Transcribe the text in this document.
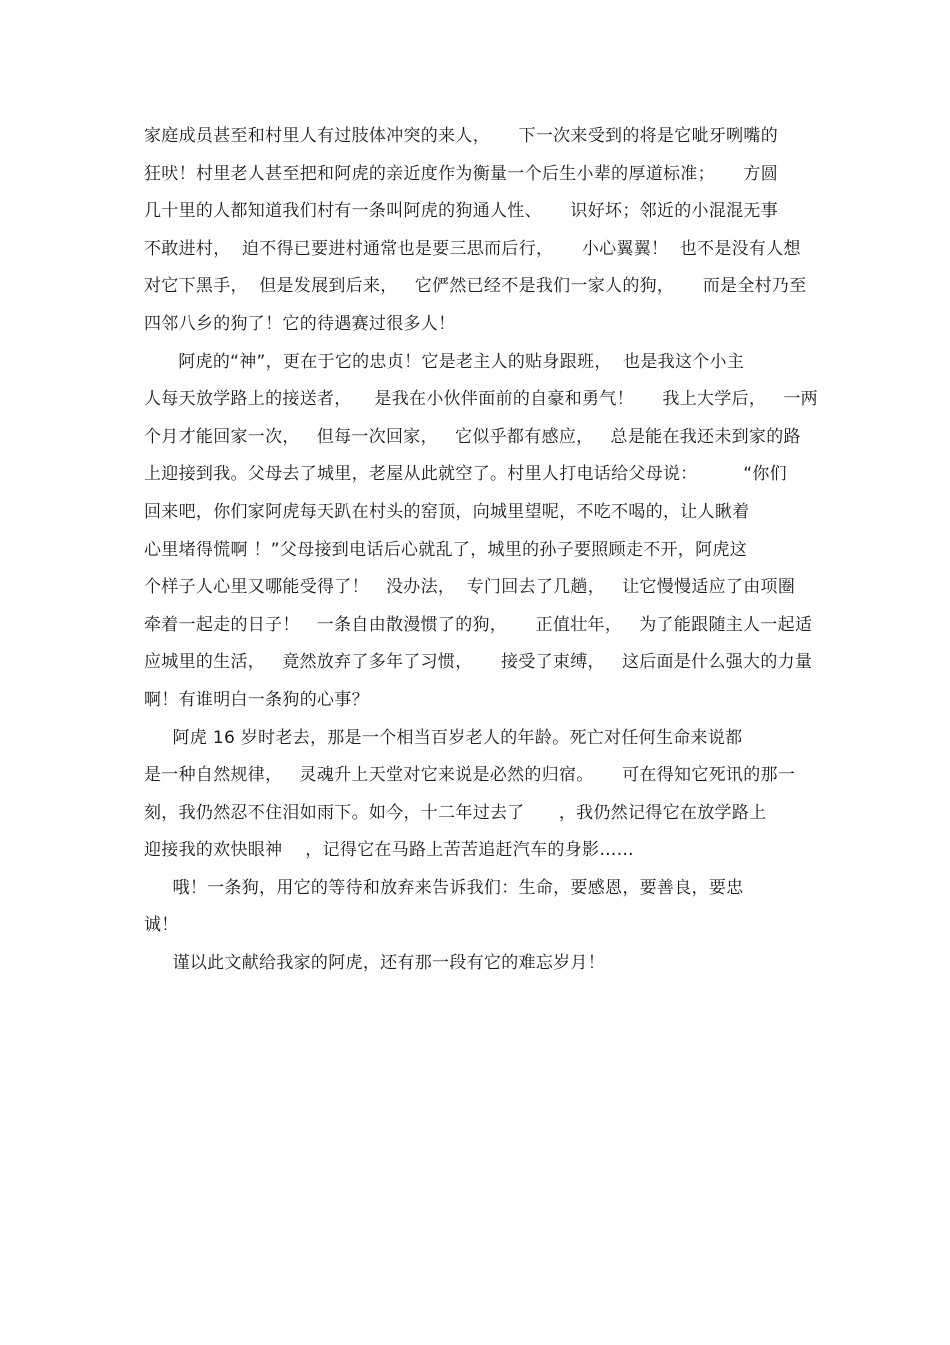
家庭成员甚至和村里人有过肢体冲突的来人，     下一次来受到的将是它呲牙咧嘴的
狂吠！村里老人甚至把和阿虎的亲近度作为衡量一个后生小辈的厚道标准；     方圆
几十里的人都知道我们村有一条叫阿虎的狗通人性、     识好坏；邻近的小混混无事
不敢进村，  迫不得已要进村通常也是要三思而后行，     小心翼翼！  也不是没有人想
对它下黑手，  但是发展到后来，   它俨然已经不是我们一家人的狗，     而是全村乃至
四邻八乡的狗了！它的待遇赛过很多人！
阿虎的“神”，更在于它的忠贞！它是老主人的贴身跟班，  也是我这个小主
人每天放学路上的接送者，    是我在小伙伴面前的自豪和勇气！     我上大学后，   一两
个月才能回家一次，   但每一次回家，   它似乎都有感应，   总是能在我还未到家的路
上迎接到我。父母去了城里，老屋从此就空了。村里人打电话给父母说：        “你们
回来吧，你们家阿虎每天趴在村头的窑顶，向城里望呢，不吃不喝的，让人瞅着
心里堵得慌啊 ！”父母接到电话后心就乱了，城里的孙子要照顾走不开，阿虎这
个样子人心里又哪能受得了！   没办法，  专门回去了几趟，   让它慢慢适应了由项圈
牵着一起走的日子！   一条自由散漫惯了的狗，     正值壮年，   为了能跟随主人一起适
应城里的生活，   竟然放弃了多年了习惯，     接受了束缚，   这后面是什么强大的力量
啊！有谁明白一条狗的心事？
阿虎 16 岁时老去，那是一个相当百岁老人的年龄。死亡对任何生命来说都
是一种自然规律，   灵魂升上天堂对它来说是必然的归宿。     可在得知它死讯的那一
刻，我仍然忍不住泪如雨下。如今，十二年过去了      ，我仍然记得它在放学路上
迎接我的欢快眼神    ，记得它在马路上苦苦追赶汽车的身影……
哦！一条狗，用它的等待和放弃来告诉我们：生命，要感恩，要善良，要忠
诚！
谨以此文献给我家的阿虎，还有那一段有它的难忘岁月！
